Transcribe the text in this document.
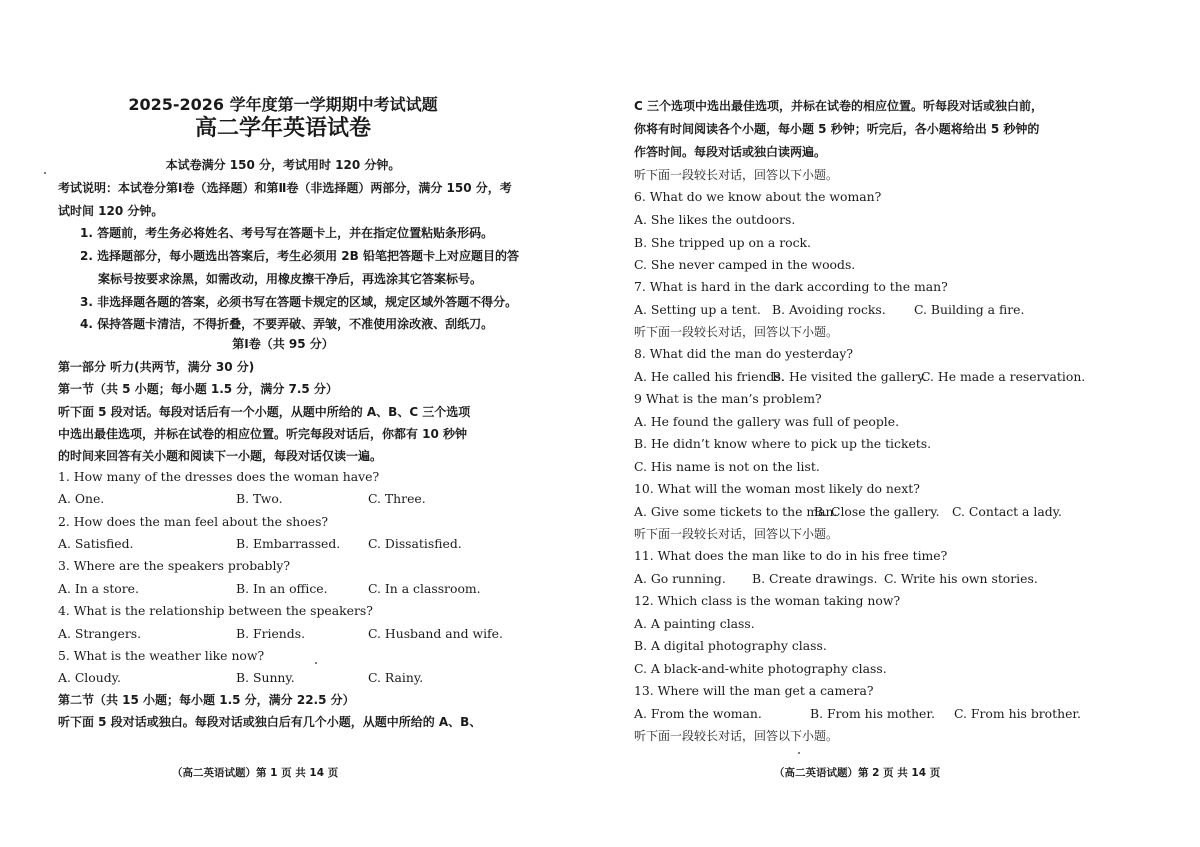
2025-2026 学年度第一学期期中考试试题
高二学年英语试卷
本试卷满分 150 分，考试用时 120 分钟。
考试说明：本试卷分第Ⅰ卷（选择题）和第Ⅱ卷（非选择题）两部分，满分 150 分，考
试时间 120 分钟。
1. 答题前，考生务必将姓名、考号写在答题卡上，并在指定位置粘贴条形码。
2. 选择题部分，每小题选出答案后，考生必须用 2B 铅笔把答题卡上对应题目的答
案标号按要求涂黑，如需改动，用橡皮擦干净后，再选涂其它答案标号。
3. 非选择题各题的答案，必须书写在答题卡规定的区域，规定区域外答题不得分。
4. 保持答题卡清洁，不得折叠，不要弄破、弄皱，不准使用涂改液、刮纸刀。
第Ⅰ卷（共 95 分）
第一部分 听力(共两节，满分 30 分)
第一节（共 5 小题；每小题 1.5 分，满分 7.5 分）
听下面 5 段对话。每段对话后有一个小题，从题中所给的 A、B、C 三个选项
中选出最佳选项，并标在试卷的相应位置。听完每段对话后，你都有 10 秒钟
的时间来回答有关小题和阅读下一小题，每段对话仅读一遍。
1. How many of the dresses does the woman have?
A. One.	B. Two.	C. Three.
2. How does the man feel about the shoes?
A. Satisfied.	B. Embarrassed. C. Dissatisfied.
3. Where are the speakers probably?
A. In a store.	B. In an office.	C. In a classroom.
4. What is the relationship between the speakers?
A. Strangers.	B. Friends.	C. Husband and wife.
5. What is the weather like now?
A. Cloudy.	B. Sunny.	C. Rainy.
第二节（共 15 小题；每小题 1.5 分，满分 22.5 分）
听下面 5 段对话或独白。每段对话或独白后有几个小题，从题中所给的 A、B、
（高二英语试题）第 1 页 共 14 页
C 三个选项中选出最佳选项，并标在试卷的相应位置。听每段对话或独白前，
你将有时间阅读各个小题，每小题 5 秒钟；听完后，各小题将给出 5 秒钟的
作答时间。每段对话或独白读两遍。
听下面一段较长对话，回答以下小题。
6. What do we know about the woman?
A. She likes the outdoors.
B. She tripped up on a rock.
C. She never camped in the woods.
7. What is hard in the dark according to the man?
A. Setting up a tent. B. Avoiding rocks. C. Building a fire.
听下面一段较长对话，回答以下小题。
8. What did the man do yesterday?
A. He called his friends.
B. He visited the gallery.
C. He made a reservation.
9 What is the man’s problem?
A. He found the gallery was full of people.
B. He didn’t know where to pick up the tickets.
C. His name is not on the list.
10. What will the woman most likely do next?
A. Give some tickets to the man.
B. Close the gallery. C. Contact a lady.
听下面一段较长对话，回答以下小题。
11. What does the man like to do in his free time?
A. Go running. B. Create drawings. C. Write his own stories.
12. Which class is the woman taking now?
A. A painting class.
B. A digital photography class.
C. A black-and-white photography class.
13. Where will the man get a camera?
A. From the woman.	B. From his mother. C. From his brother.
听下面一段较长对话，回答以下小题。
（高二英语试题）第 2 页 共 14 页
